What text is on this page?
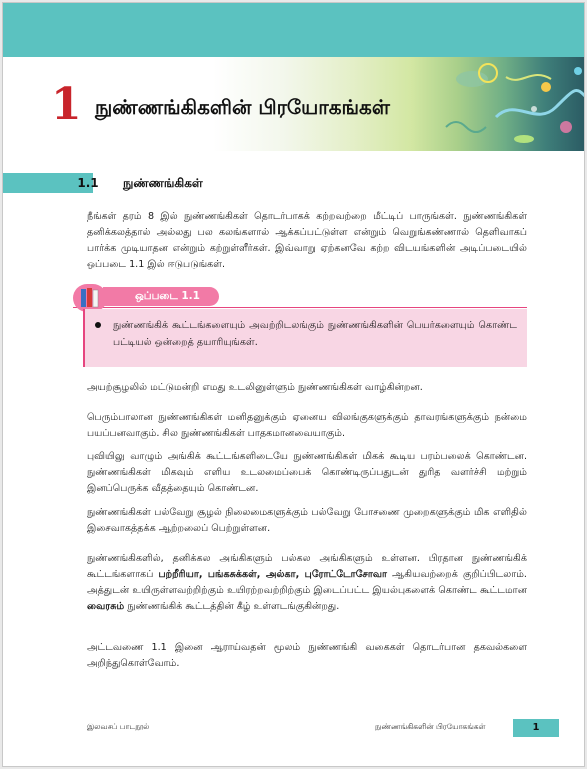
1 நுண்ணங்கிகளின் பிரயோகங்கள்
1.1	நுண்ணங்கிகள்

நீங்கள் தரம் 8 இல் நுண்ணங்கிகள் தொடர்பாகக் கற்றவற்றை மீட்டிப் பாருங்கள். நுண்ணங்கிகள் தனிக்கலத்தால் அல்லது பல கலங்களால் ஆக்கப்பட்டுள்ள என்றும் வெறுங்கண்ணால் தெளிவாகப் பார்க்க முடியாதன என்றும் கற்றுள்ளீர்கள். இவ்வாறு ஏற்கனவே கற்ற விடயங்களின் அடிப்படையில் ஒப்படை 1.1 இல் ஈடுபடுங்கள்.

ஒப்படை 1.1

நுண்ணங்கிக் கூட்டங்களையும் அவற்றிடலங்கும் நுண்ணங்கிகளின் பெயர்களையும் கொண்ட பட்டியல் ஒன்றைத் தயாரியுங்கள்.

அயற்சூழலில் மட்டுமன்றி எமது உடலினுள்ளும் நுண்ணங்கிகள் வாழ்கின்றன.

பெரும்பாலான நுண்ணங்கிகள் மனிதனுக்கும் ஏனைய விலங்குகளுக்கும் தாவரங்களுக்கும் நன்மை பயப்பனவாகும். சில நுண்ணங்கிகள் பாதகமானவையாகும்.

புவியிலு வாழும் அங்கிக் கூட்டங்களிடையே நுண்ணங்கிகள் மிகக் கூடிய பரம்பலைக் கொண்டன. நுண்ணங்கிகள் மிகவும் எளிய உடலமைப்பைக் கொண்டிருப்பதுடன் துரித வளர்ச்சி மற்றும் இனப்பெருக்க வீதத்தையும் கொண்டன.

நுண்ணங்கிகள் பல்வேறு சூழல் நிலைமைகளுக்கும் பல்வேறு போசணை முறைகளுக்கும் மிக எளிதில் இசைவாகத்தக்க ஆற்றலைப் பெற்றுள்ளன.

நுண்ணங்கிகளில், தனிக்கல அங்கிகளும் பல்கல அங்கிகளும் உள்ளன. பிரதான நுண்ணங்கிக் கூட்டங்களாகப் பற்றீரியா, பங்கசுக்கள், அல்கா, புரோட்டோசோவா ஆகியவற்றைக் குறிப்பிடலாம். அத்துடன் உயிருள்ளவற்றிற்கும் உயிரற்றவற்றிற்கும் இடைப்பட்ட இயல்புகளைக் கொண்ட கூட்டமான வைரசும் நுண்ணங்கிக் கூட்டத்தின் கீழ் உள்ளடங்குகின்றது.

அட்டவணை 1.1 இனை ஆராய்வதன் மூலம் நுண்ணங்கி வகைகள் தொடர்பான தகவல்களை அறிந்துகொள்வோம்.

இலவசப் பாடநூல்	நுண்ணங்கிகளின் பிரயோகங்கள்	1
